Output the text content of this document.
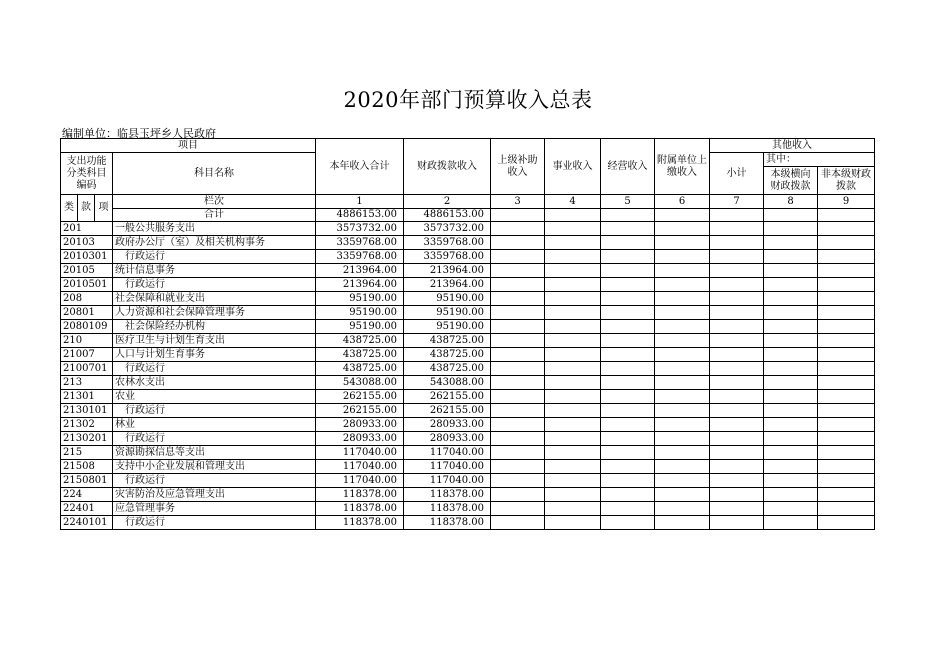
2020年部门预算收入总表
编制单位：临县玉坪乡人民政府
项目				本年收入合计	财政拨款收入	上级补助收入	事业收入	经营收入	附属单位上缴收入	其他收入		
支出功能分类科目编码			科目名称							小计	其中：	
											本级横向财政拨款	非本级财政拨款
类	款	项	栏次	1	2	3	4	5	6	7	8	9
			合计	4886153.00	4886153.00							
201			一般公共服务支出	3573732.00	3573732.00							
20103			政府办公厅（室）及相关机构事务	3359768.00	3359768.00							
2010301			行政运行	3359768.00	3359768.00							
20105			统计信息事务	213964.00	213964.00							
2010501			行政运行	213964.00	213964.00							
208			社会保障和就业支出	95190.00	95190.00							
20801			人力资源和社会保障管理事务	95190.00	95190.00							
2080109			社会保险经办机构	95190.00	95190.00							
210			医疗卫生与计划生育支出	438725.00	438725.00							
21007			人口与计划生育事务	438725.00	438725.00							
2100701			行政运行	438725.00	438725.00							
213			农林水支出	543088.00	543088.00							
21301			农业	262155.00	262155.00							
2130101			行政运行	262155.00	262155.00							
21302			林业	280933.00	280933.00							
2130201			行政运行	280933.00	280933.00							
215			资源勘探信息等支出	117040.00	117040.00							
21508			支持中小企业发展和管理支出	117040.00	117040.00							
2150801			行政运行	117040.00	117040.00							
224			灾害防治及应急管理支出	118378.00	118378.00							
22401			应急管理事务	118378.00	118378.00							
2240101			行政运行	118378.00	118378.00							
